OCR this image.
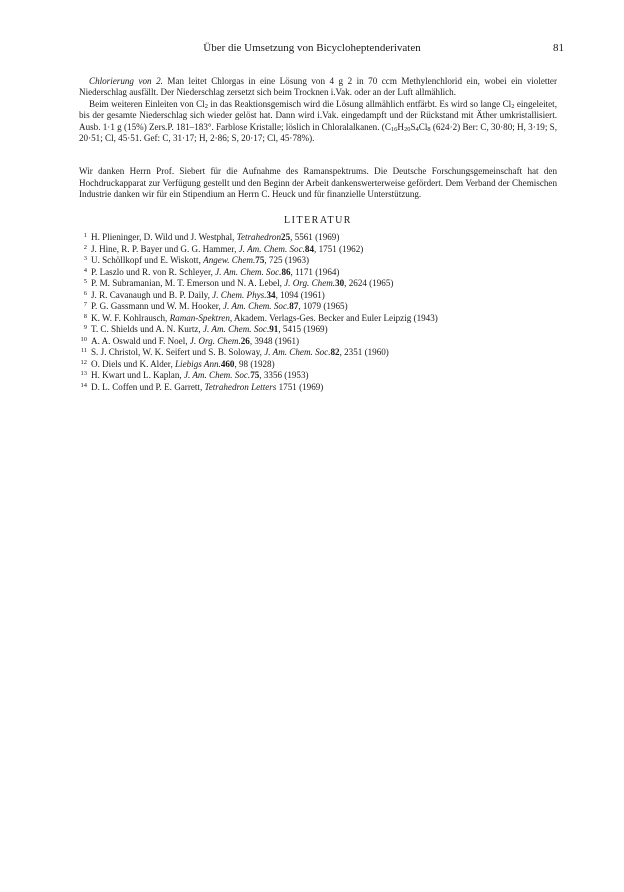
Über die Umsetzung von Bicycloheptenderivaten	81

Chlorierung von 2. Man leitet Chlorgas in eine Lösung von 4 g 2 in 70 ccm Methylenchlorid ein, wobei ein violetter Niederschlag ausfällt. Der Niederschlag zersetzt sich beim Trocknen i.Vak. oder an der Luft allmählich.

Beim weiteren Einleiten von $Cl_2$ in das Reaktionsgemisch wird die Lösung allmählich entfärbt. Es wird so lange $Cl_2$ eingeleitet, bis der gesamte Niederschlag sich wieder gelöst hat. Dann wird i.Vak. eingedampft und der Rückstand mit Äther umkristallisiert. Ausb. 1·1 g (15%) Zers.P. 181–183°. Farblose Kristalle; löslich in Chloralalkanen. ($C_{16}H_{20}S_4Cl_8$ (624·2) Ber: C, 30·80; H, 3·19; S, 20·51; Cl, 45·51. Gef: C, 31·17; H, 2·86; S, 20·17; Cl, 45·78%).

Wir danken Herrn Prof. Siebert für die Aufnahme des Ramanspektrums. Die Deutsche Forschungsgemeinschaft hat den Hochdruckapparat zur Verfügung gestellt und den Beginn der Arbeit dankenswerterweise gefördert. Dem Verband der Chemischen Industrie danken wir für ein Stipendium an Herrn C. Heuck und für finanzielle Unterstützung.

LITERATUR
1 H. Plieninger, D. Wild und J. Westphal, Tetrahedron25, 5561 (1969)
2 J. Hine, R. P. Bayer und G. G. Hammer, J. Am. Chem. Soc.84, 1751 (1962)
3 U. Schöllkopf und E. Wiskott, Angew. Chem.75, 725 (1963)
4 P. Laszlo und R. von R. Schleyer, J. Am. Chem. Soc.86, 1171 (1964)
5 P. M. Subramanian, M. T. Emerson und N. A. Lebel, J. Org. Chem.30, 2624 (1965)
6 J. R. Cavanaugh und B. P. Daily, J. Chem. Phys.34, 1094 (1961)
7 P. G. Gassmann und W. M. Hooker, J. Am. Chem. Soc.87, 1079 (1965)
8 K. W. F. Kohlrausch, Raman-Spektren, Akadem. Verlags-Ges. Becker and Euler Leipzig (1943)
9 T. C. Shields und A. N. Kurtz, J. Am. Chem. Soc.91, 5415 (1969)
10 A. A. Oswald und F. Noel, J. Org. Chem.26, 3948 (1961)
11 S. J. Christol, W. K. Seifert und S. B. Soloway, J. Am. Chem. Soc.82, 2351 (1960)
12 O. Diels und K. Alder, Liebigs Ann.460, 98 (1928)
13 H. Kwart und L. Kaplan, J. Am. Chem. Soc.75, 3356 (1953)
14 D. L. Coffen und P. E. Garrett, Tetrahedron Letters 1751 (1969)
